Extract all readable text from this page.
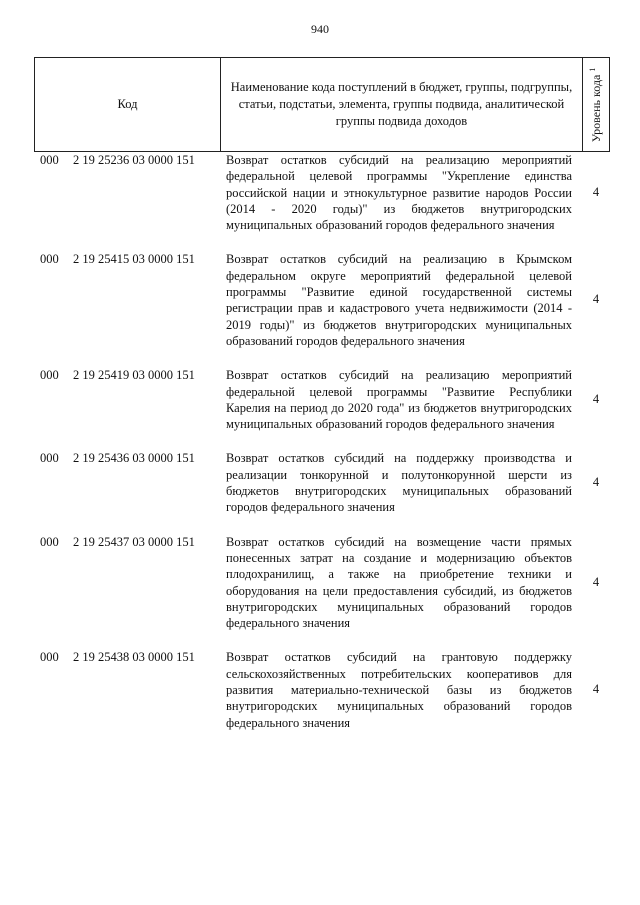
940
Код
Наименование кода поступлений в бюджет, группы, подгруппы, статьи, подстатьи, элемента, группы подвида, аналитической группы подвида доходов	Уровень кода $^1$
000 2 19 25236 03 0000 151 Возврат остатков субсидий на реализацию мероприятий федеральной целевой программы "Укрепление единства российской нации и этнокультурное развитие народов России (2014 - 2020 годы)" из бюджетов внутригородских муниципальных образований городов федерального значения
4
000 2 19 25415 03 0000 151 Возврат остатков субсидий на реализацию в Крымском федеральном округе мероприятий федеральной целевой программы "Развитие единой государственной системы регистрации прав и кадастрового учета недвижимости (2014 - 2019 годы)" из бюджетов внутригородских муниципальных образований городов федерального значения
4
000 2 19 25419 03 0000 151 Возврат остатков субсидий на реализацию мероприятий федеральной целевой программы "Развитие Республики Карелия на период до 2020 года" из бюджетов внутригородских муниципальных образований городов федерального значения
4
000 2 19 25436 03 0000 151 Возврат остатков субсидий на поддержку производства и реализации тонкорунной и полутонкорунной шерсти из бюджетов внутригородских муниципальных образований городов федерального значения
4
000 2 19 25437 03 0000 151 Возврат остатков субсидий на возмещение части прямых понесенных затрат на создание и модернизацию объектов плодохранилищ, а также на приобретение техники и оборудования на цели предоставления субсидий, из бюджетов внутригородских муниципальных образований городов федерального значения
4
000 2 19 25438 03 0000 151 Возврат остатков субсидий на грантовую поддержку сельскохозяйственных потребительских кооперативов для развития материально-технической базы из бюджетов внутригородских муниципальных образований городов федерального значения
4
